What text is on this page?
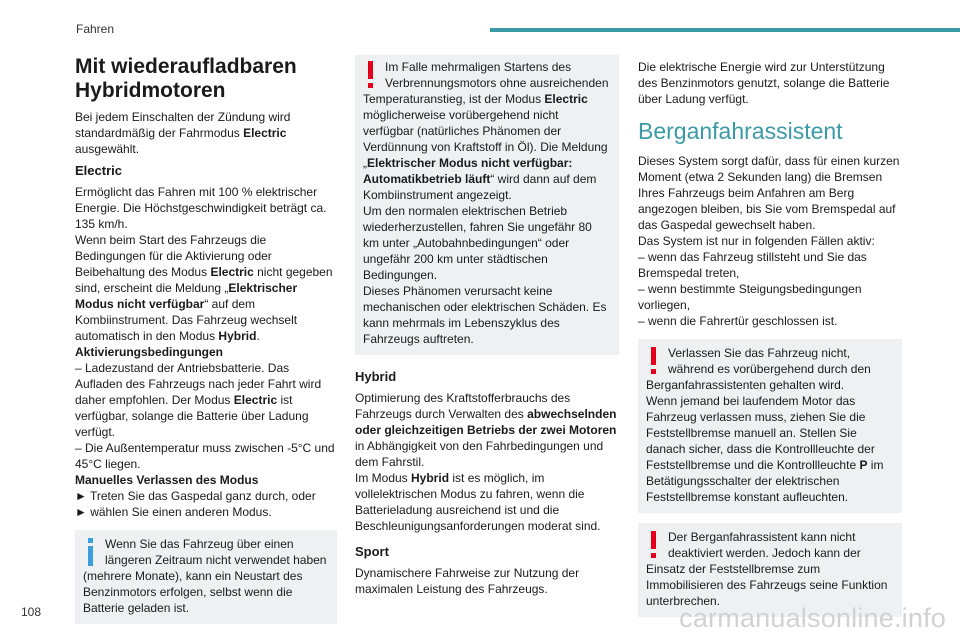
Fahren
Mit wiederaufladbaren
Hybridmotoren

Bei jedem Einschalten der Zündung wird standardmäßig der Fahrmodus Electric ausgewählt.

Electric

Ermöglicht das Fahren mit 100 % elektrischer Energie. Die Höchstgeschwindigkeit beträgt ca. 135 km/h.

Wenn beim Start des Fahrzeugs die Bedingungen für die Aktivierung oder Beibehaltung des Modus Electric nicht gegeben sind, erscheint die Meldung „Elektrischer Modus nicht verfügbar“ auf dem Kombiinstrument. Das Fahrzeug wechselt automatisch in den Modus Hybrid.

Aktivierungsbedingungen

– Ladezustand der Antriebsbatterie. Das Aufladen des Fahrzeugs nach jeder Fahrt wird daher empfohlen. Der Modus Electric ist verfügbar, solange die Batterie über Ladung verfügt.

– Die Außentemperatur muss zwischen -5°C und 45°C liegen.

Manuelles Verlassen des Modus

► Treten Sie das Gaspedal ganz durch, oder

► wählen Sie einen anderen Modus.

Wenn Sie das Fahrzeug über einen längeren Zeitraum nicht verwendet haben (mehrere Monate), kann ein Neustart des Benzinmotors erfolgen, selbst wenn die Batterie geladen ist.

Im Falle mehrmaligen Startens des Verbrennungsmotors ohne ausreichenden Temperaturanstieg, ist der Modus Electric möglicherweise vorübergehend nicht verfügbar (natürliches Phänomen der Verdünnung von Kraftstoff in Öl). Die Meldung „Elektrischer Modus nicht verfügbar: Automatikbetrieb läuft“ wird dann auf dem Kombiinstrument angezeigt.

Um den normalen elektrischen Betrieb wiederherzustellen, fahren Sie ungefähr 80 km unter „Autobahnbedingungen“ oder ungefähr 200 km unter städtischen Bedingungen.

Dieses Phänomen verursacht keine mechanischen oder elektrischen Schäden. Es kann mehrmals im Lebenszyklus des Fahrzeugs auftreten.

Hybrid

Optimierung des Kraftstofferbrauchs des Fahrzeugs durch Verwalten des abwechselnden oder gleichzeitigen Betriebs der zwei Motoren in Abhängigkeit von den Fahrbedingungen und dem Fahrstil.

Im Modus Hybrid ist es möglich, im vollelektrischen Modus zu fahren, wenn die Batterieladung ausreichend ist und die Beschleunigungsanforderungen moderat sind.

Sport

Dynamischere Fahrweise zur Nutzung der maximalen Leistung des Fahrzeugs.

Die elektrische Energie wird zur Unterstützung des Benzinmotors genutzt, solange die Batterie über Ladung verfügt.

Berganfahrassistent

Dieses System sorgt dafür, dass für einen kurzen Moment (etwa 2 Sekunden lang) die Bremsen Ihres Fahrzeugs beim Anfahren am Berg angezogen bleiben, bis Sie vom Bremspedal auf das Gaspedal gewechselt haben.

Das System ist nur in folgenden Fällen aktiv:

– wenn das Fahrzeug stillsteht und Sie das Bremspedal treten,

– wenn bestimmte Steigungsbedingungen vorliegen,

– wenn die Fahrertür geschlossen ist.

Verlassen Sie das Fahrzeug nicht, während es vorübergehend durch den Berganfahrassistenten gehalten wird.

Wenn jemand bei laufendem Motor das Fahrzeug verlassen muss, ziehen Sie die Feststellbremse manuell an. Stellen Sie danach sicher, dass die Kontrollleuchte der Feststellbremse und die Kontrollleuchte P im Betätigungsschalter der elektrischen Feststellbremse konstant aufleuchten.

Der Berganfahrassistent kann nicht deaktiviert werden. Jedoch kann der Einsatz der Feststellbremse zum Immobilisieren des Fahrzeugs seine Funktion unterbrechen.

108	carmanualsonline.info
